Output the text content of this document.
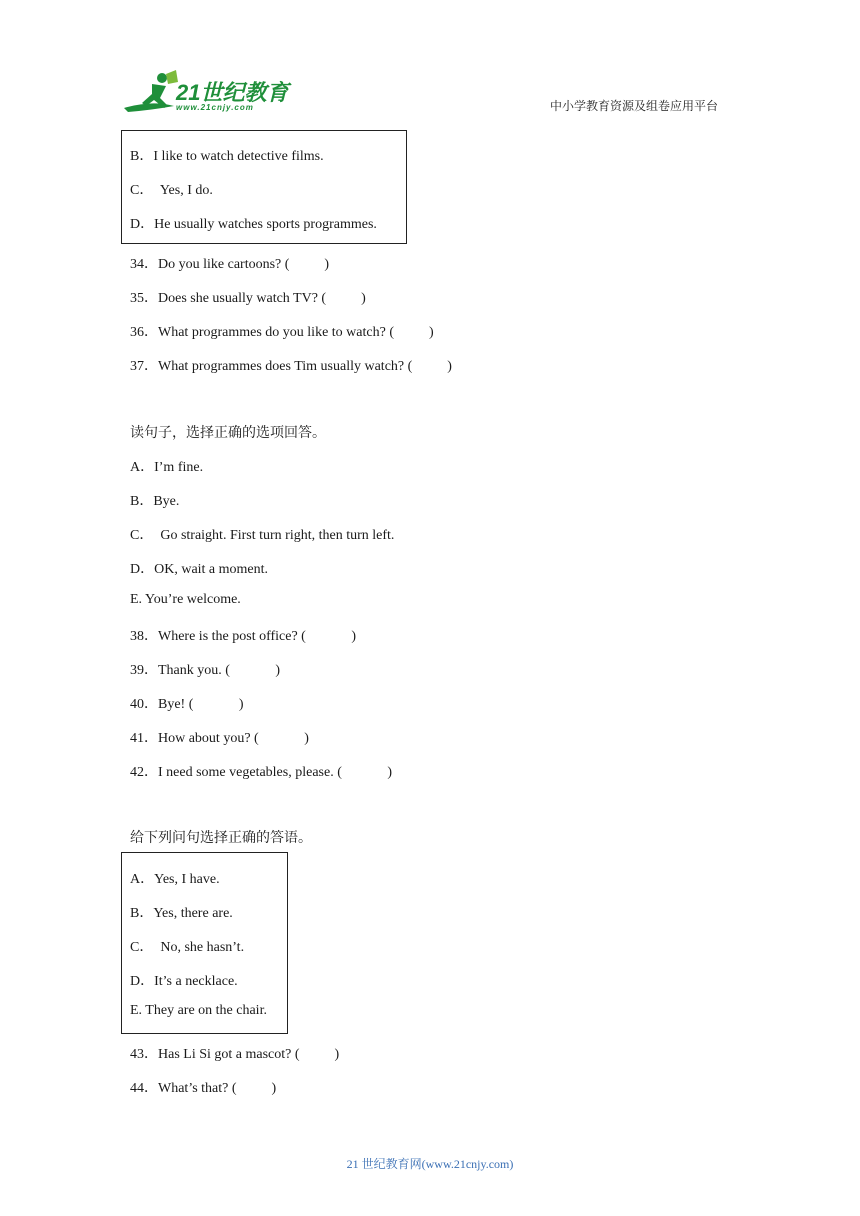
21世纪教育
www.21cnjy.com	中小学教育资源及组卷应用平台
B．I like to watch detective films.
C．  Yes, I do.
D．He usually watches sports programmes.
34．Do you like cartoons? (          )
35．Does she usually watch TV? (          )
36．What programmes do you like to watch? (          )
37．What programmes does Tim usually watch? (          )
读句子，选择正确的选项回答。
A．I’m fine.
B．Bye.
C．  Go straight. First turn right, then turn left.
D．OK, wait a moment.
E. You’re welcome.
38．Where is the post office? (             )
39．Thank you. (             )
40．Bye! (             )
41．How about you? (             )
42．I need some vegetables, please. (             )
给下列问句选择正确的答语。
A．Yes, I have.
B．Yes, there are.
C．  No, she hasn’t.
D．It’s a necklace.
E. They are on the chair.
43．Has Li Si got a mascot? (          )
44．What’s that? (          )
21 世纪教育网(www.21cnjy.com)
